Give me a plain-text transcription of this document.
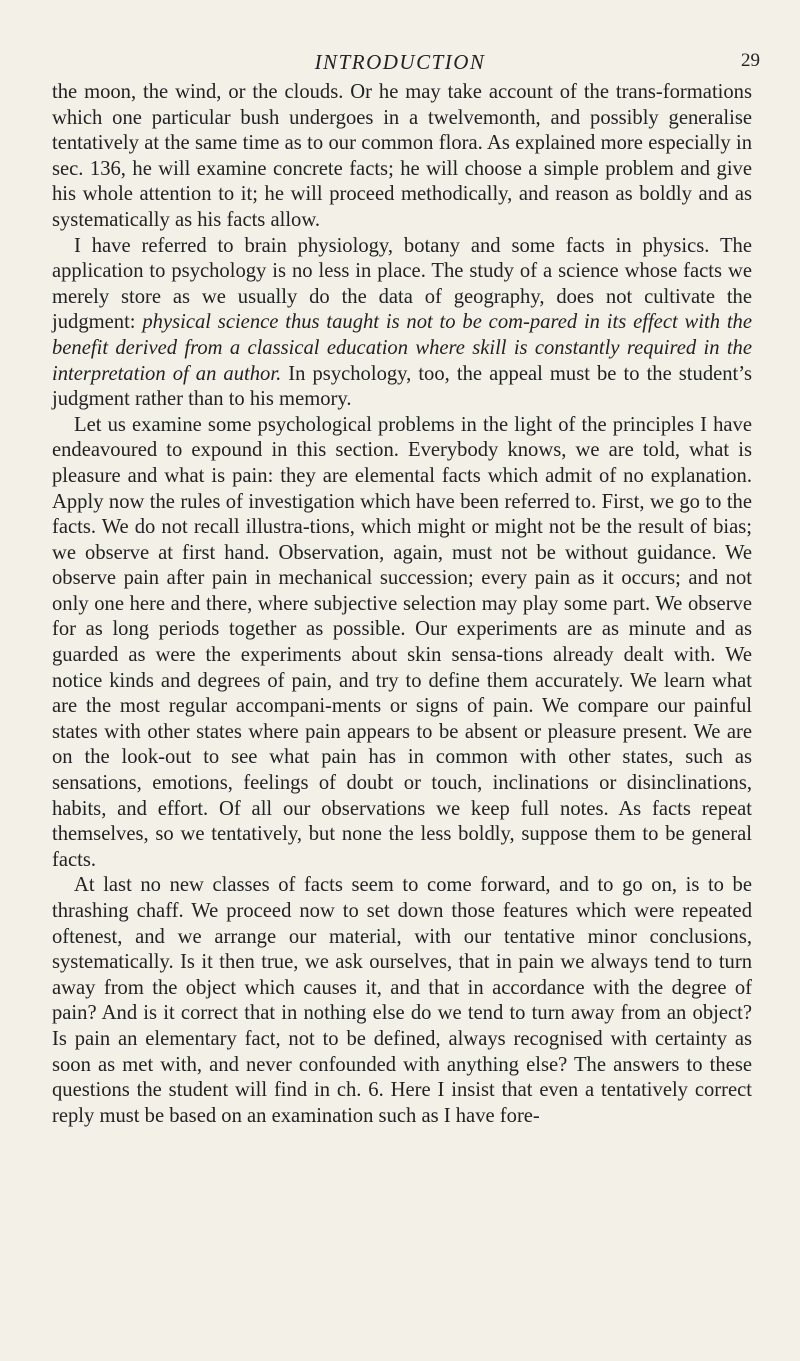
INTRODUCTION	29

the moon, the wind, or the clouds. Or he may take account of the trans-formations which one particular bush undergoes in a twelvemonth, and possibly generalise tentatively at the same time as to our common flora. As explained more especially in sec. 136, he will examine concrete facts; he will choose a simple problem and give his whole attention to it; he will proceed methodically, and reason as boldly and as systematically as his facts allow.

I have referred to brain physiology, botany and some facts in physics. The application to psychology is no less in place. The study of a science whose facts we merely store as we usually do the data of geography, does not cultivate the judgment: physical science thus taught is not to be com-pared in its effect with the benefit derived from a classical education where skill is constantly required in the interpretation of an author. In psychology, too, the appeal must be to the student’s judgment rather than to his memory.

Let us examine some psychological problems in the light of the principles I have endeavoured to expound in this section. Everybody knows, we are told, what is pleasure and what is pain: they are elemental facts which admit of no explanation. Apply now the rules of investigation which have been referred to. First, we go to the facts. We do not recall illustra-tions, which might or might not be the result of bias; we observe at first hand. Observation, again, must not be without guidance. We observe pain after pain in mechanical succession; every pain as it occurs; and not only one here and there, where subjective selection may play some part. We observe for as long periods together as possible. Our experiments are as minute and as guarded as were the experiments about skin sensa-tions already dealt with. We notice kinds and degrees of pain, and try to define them accurately. We learn what are the most regular accompani-ments or signs of pain. We compare our painful states with other states where pain appears to be absent or pleasure present. We are on the look-out to see what pain has in common with other states, such as sensations, emotions, feelings of doubt or touch, inclinations or disinclinations, habits, and effort. Of all our observations we keep full notes. As facts repeat themselves, so we tentatively, but none the less boldly, suppose them to be general facts.

At last no new classes of facts seem to come forward, and to go on, is to be thrashing chaff. We proceed now to set down those features which were repeated oftenest, and we arrange our material, with our tentative minor conclusions, systematically. Is it then true, we ask ourselves, that in pain we always tend to turn away from the object which causes it, and that in accordance with the degree of pain? And is it correct that in nothing else do we tend to turn away from an object? Is pain an elementary fact, not to be defined, always recognised with certainty as soon as met with, and never confounded with anything else? The answers to these questions the student will find in ch. 6. Here I insist that even a tentatively correct reply must be based on an examination such as I have fore-
